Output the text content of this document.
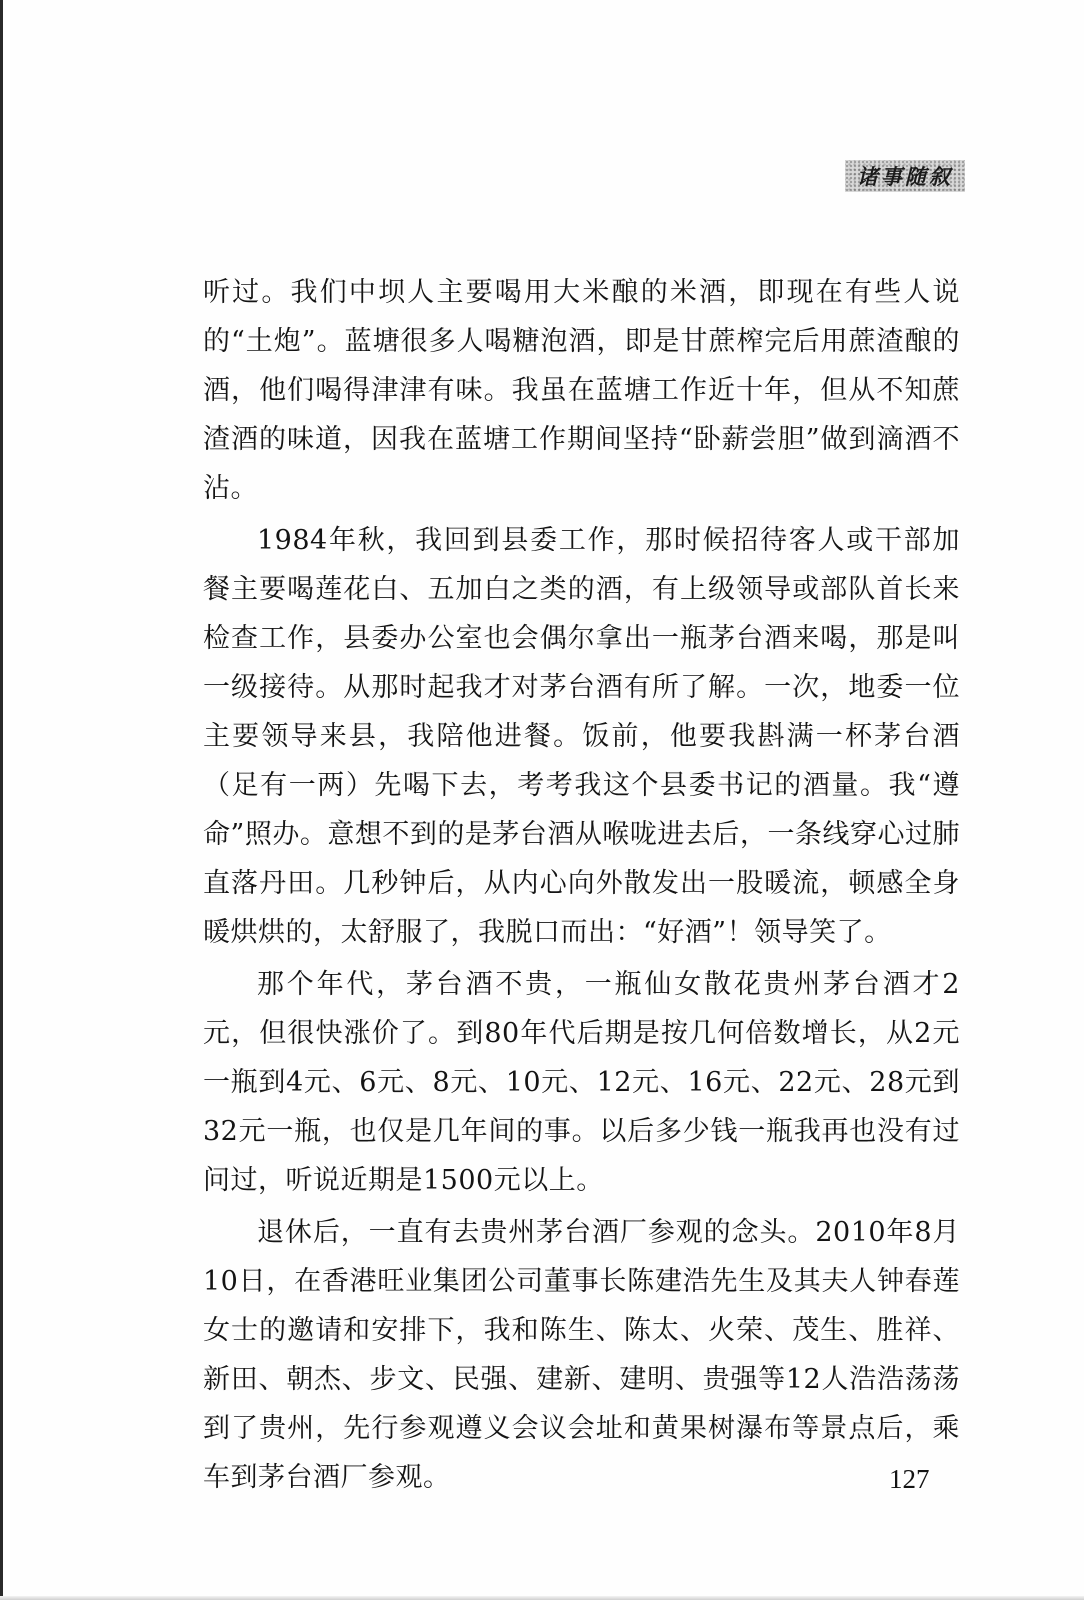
诸事随叙

听过。我们中坝人主要喝用大米酿的米酒，即现在有些人说的“土炮”。蓝塘很多人喝糖泡酒，即是甘蔗榨完后用蔗渣酿的酒，他们喝得津津有味。我虽在蓝塘工作近十年，但从不知蔗渣酒的味道，因我在蓝塘工作期间坚持“卧薪尝胆”做到滴酒不沾。

1984年秋，我回到县委工作，那时候招待客人或干部加餐主要喝莲花白、五加白之类的酒，有上级领导或部队首长来检查工作，县委办公室也会偶尔拿出一瓶茅台酒来喝，那是叫一级接待。从那时起我才对茅台酒有所了解。一次，地委一位主要领导来县，我陪他进餐。饭前，他要我斟满一杯茅台酒（足有一两）先喝下去，考考我这个县委书记的酒量。我“遵命”照办。意想不到的是茅台酒从喉咙进去后，一条线穿心过肺直落丹田。几秒钟后，从内心向外散发出一股暖流，顿感全身暖烘烘的，太舒服了，我脱口而出：“好酒”！领导笑了。

那个年代，茅台酒不贵，一瓶仙女散花贵州茅台酒才2元，但很快涨价了。到80年代后期是按几何倍数增长，从2元一瓶到4元、6元、8元、10元、12元、16元、22元、28元到32元一瓶，也仅是几年间的事。以后多少钱一瓶我再也没有过问过，听说近期是1500元以上。

退休后，一直有去贵州茅台酒厂参观的念头。2010年8月10日，在香港旺业集团公司董事长陈建浩先生及其夫人钟春莲女士的邀请和安排下，我和陈生、陈太、火荣、茂生、胜祥、新田、朝杰、步文、民强、建新、建明、贵强等12人浩浩荡荡到了贵州，先行参观遵义会议会址和黄果树瀑布等景点后，乘车到茅台酒厂参观。	127
